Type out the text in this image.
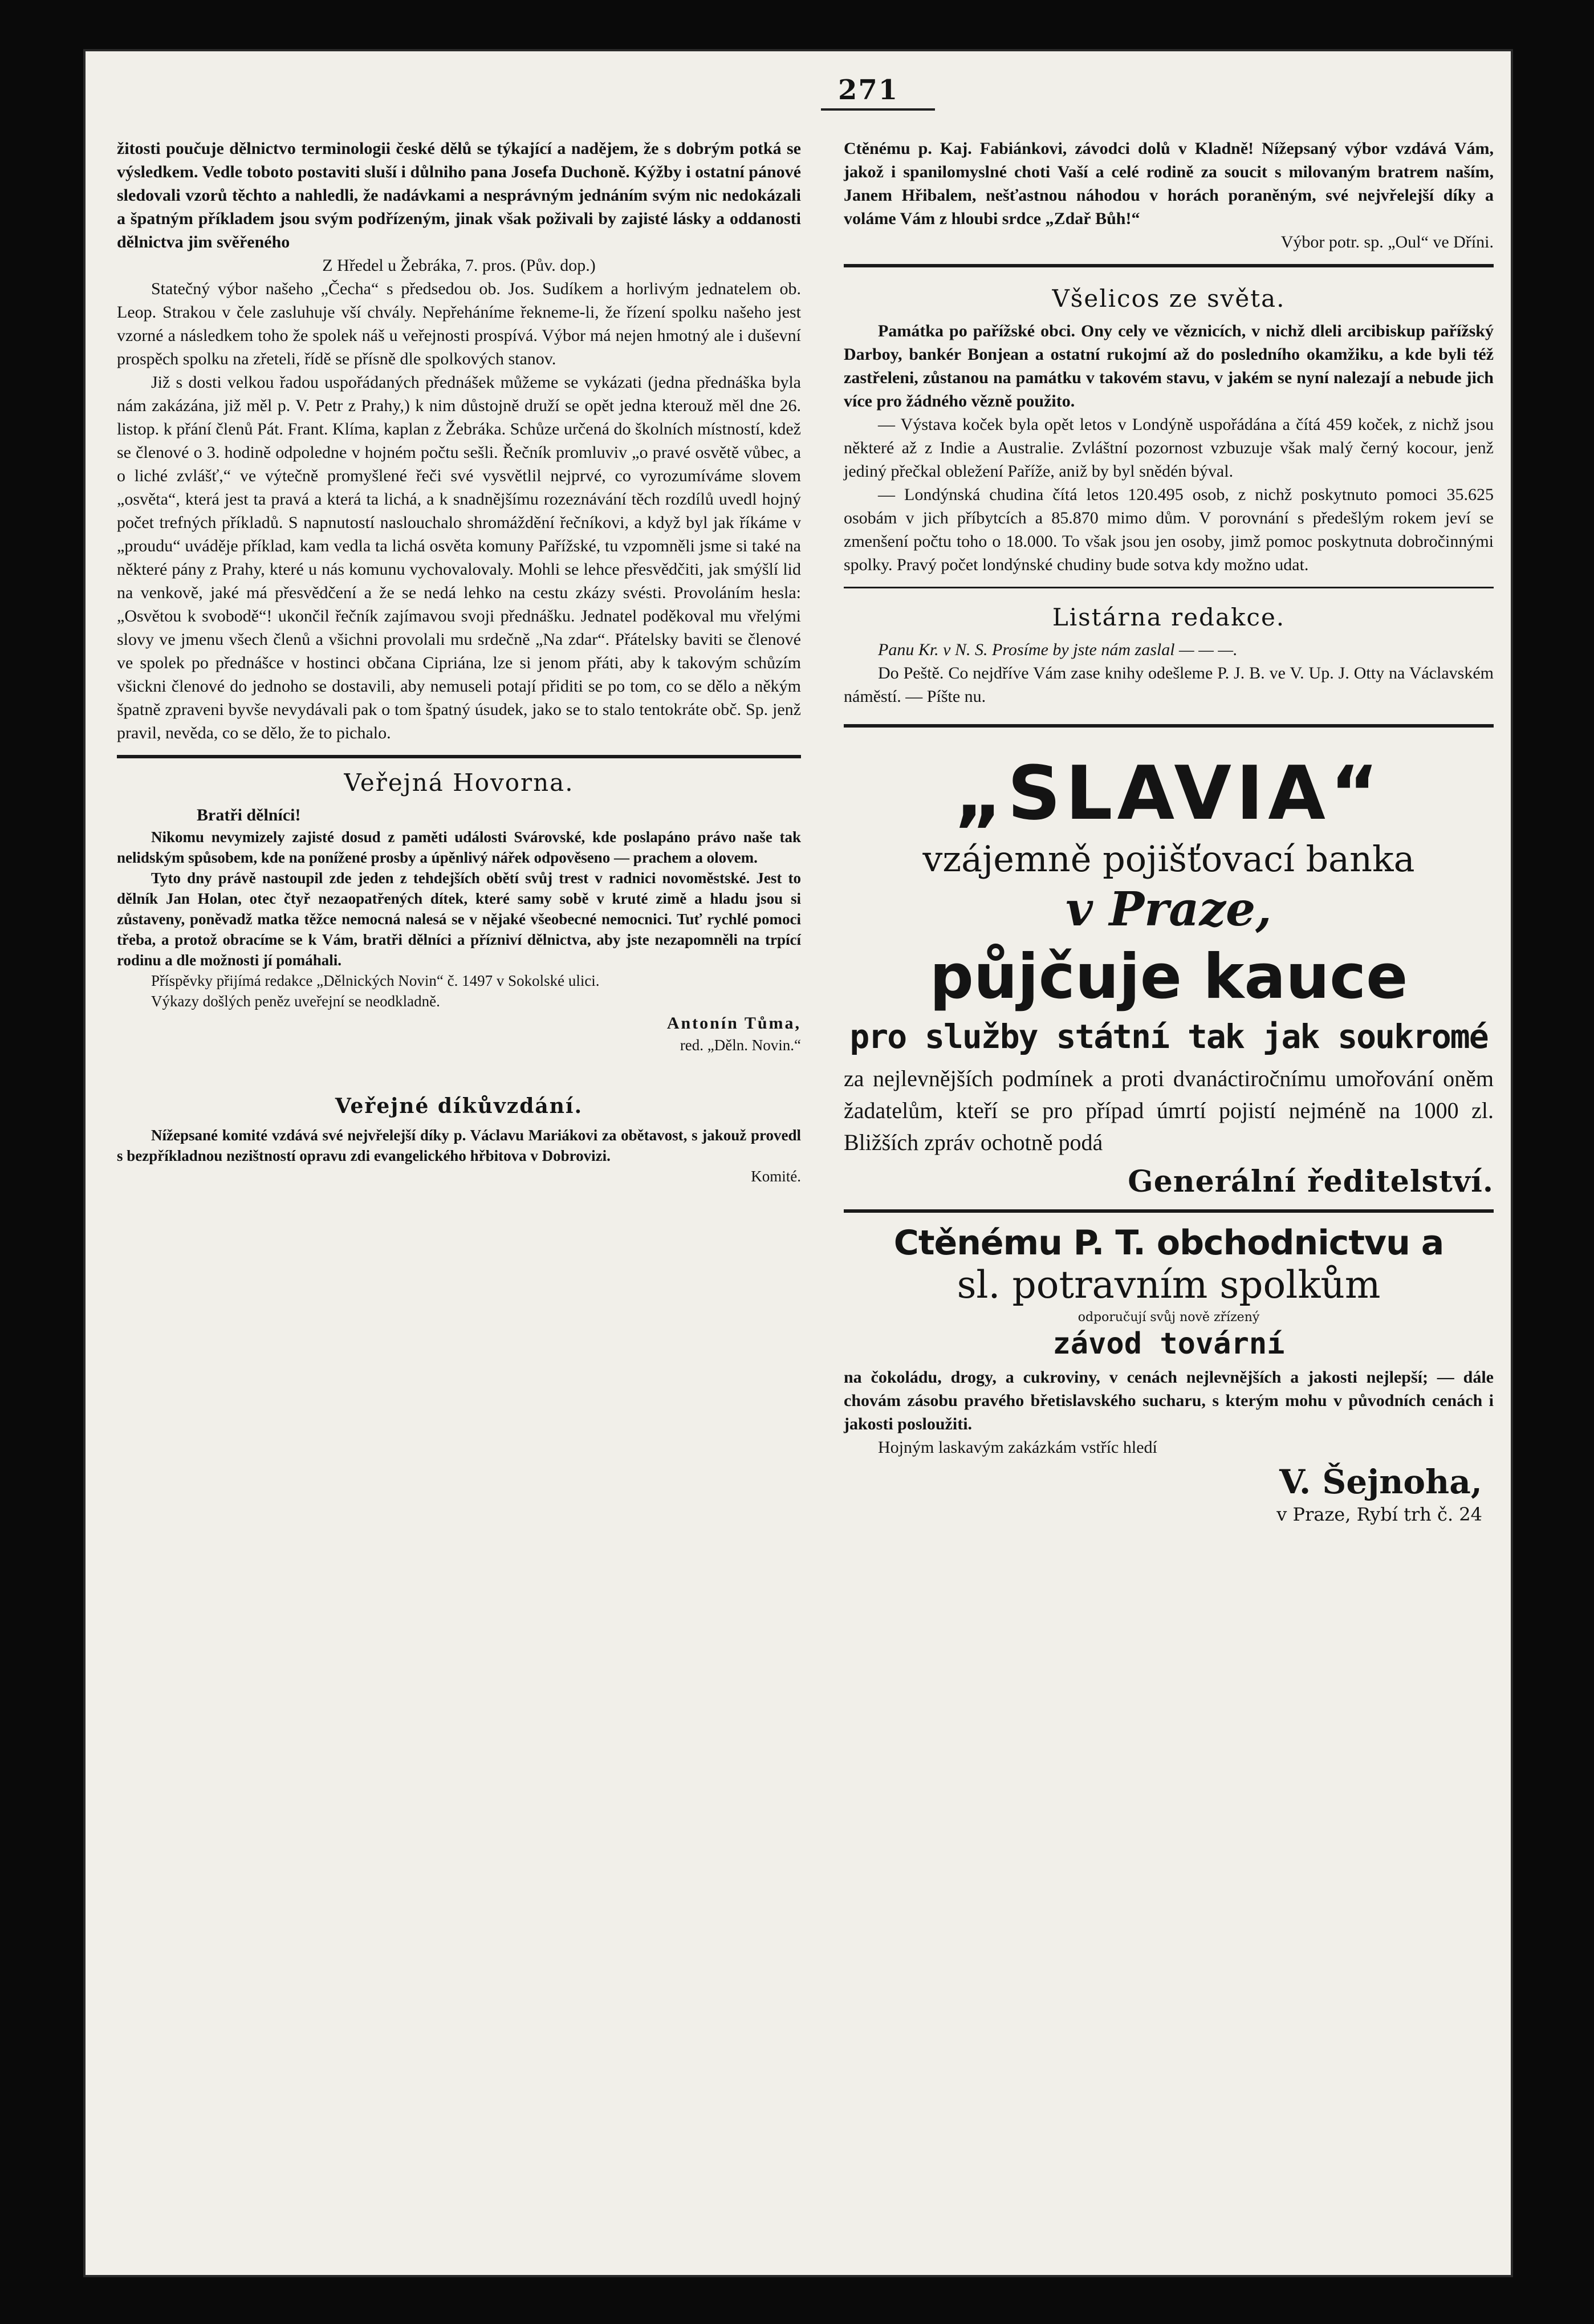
271

žitosti poučuje dělnictvo terminologii české dělů se týkající a nadějem, že s dobrým potká se výsledkem. Vedle toboto postaviti sluší i důlniho pana Josefa Duchoně. Kýžby i ostatní pánové sledovali vzorů těchto a nahledli, že nadávkami a nesprávným jednáním svým nic nedokázali a špatným příkladem jsou svým podřízeným, jinak však poživali by zajisté lásky a oddanosti dělnictva jim svěřeného

Z Hředel u Žebráka, 7. pros. (Pův. dop.)

Statečný výbor našeho „Čecha“ s předsedou ob. Jos. Sudíkem a horlivým jednatelem ob. Leop. Strakou v čele zasluhuje vší chvály. Nepřeháníme řekneme-li, že řízení spolku našeho jest vzorné a následkem toho že spolek náš u veřejnosti prospívá. Výbor má nejen hmotný ale i duševní prospěch spolku na zřeteli, řídě se přísně dle spolkových stanov.

Již s dosti velkou řadou uspořádaných přednášek můžeme se vykázati (jedna přednáška byla nám zakázána, již měl p. V. Petr z Prahy,) k nim důstojně druží se opět jedna kterouž měl dne 26. listop. k přání členů Pát. Frant. Klíma, kaplan z Žebráka. Schůze určená do školních místností, kdež se členové o 3. hodině odpoledne v hojném počtu sešli. Řečník promluviv „o pravé osvětě vůbec, a o liché zvlášť,“ ve výtečně promyšlené řeči své vysvětlil nejprvé, co vyrozumíváme slovem „osvěta“, která jest ta pravá a která ta lichá, a k snadnějšímu rozeznávání těch rozdílů uvedl hojný počet trefných příkladů. S napnutostí naslouchalo shromáždění řečníkovi, a když byl jak říkáme v „proudu“ uváděje příklad, kam vedla ta lichá osvěta komuny Pařížské, tu vzpomněli jsme si také na některé pány z Prahy, které u nás komunu vychovalovaly. Mohli se lehce přesvědčiti, jak smýšlí lid na venkově, jaké má přesvědčení a že se nedá lehko na cestu zkázy svésti. Provoláním hesla: „Osvětou k svobodě“! ukončil řečník zajímavou svoji přednášku. Jednatel poděkoval mu vřelými slovy ve jmenu všech členů a všichni provolali mu srdečně „Na zdar“. Přátelsky baviti se členové ve spolek po přednášce v hostinci občana Cipriána, lze si jenom přáti, aby k takovým schůzím všickni členové do jednoho se dostavili, aby nemuseli potají přiditi se po tom, co se dělo a někým špatně zpraveni byvše nevydávali pak o tom špatný úsudek, jako se to stalo tentokráte obč. Sp. jenž pravil, nevěda, co se dělo, že to pichalo.

Veřejná Hovorna.

Bratři dělníci!

Nikomu nevymizely zajisté dosud z paměti události Svárovské, kde poslapáno právo naše tak nelidským spůsobem, kde na ponížené prosby a úpěnlivý nářek odpověseno — prachem a olovem.

Tyto dny právě nastoupil zde jeden z tehdejších obětí svůj trest v radnici novoměstské. Jest to dělník Jan Holan, otec čtyř nezaopatřených dítek, které samy sobě v kruté zimě a hladu jsou si zůstaveny, poněvadž matka těžce nemocná nalesá se v nějaké všeobecné nemocnici. Tuť rychlé pomoci třeba, a protož obracíme se k Vám, bratři dělníci a přízniví dělnictva, aby jste nezapomněli na trpící rodinu a dle možnosti jí pomáhali.

Příspěvky přijímá redakce „Dělnických Novin“ č. 1497 v Sokolské ulici.

Výkazy došlých peněz uveřejní se neodkladně.

Antonín Tůma,

red. „Děln. Novin.“

Veřejné díkůvzdání.

Nížepsané komité vzdává své nejvřelejší díky p. Václavu Mariákovi za obětavost, s jakouž provedl s bezpříkladnou nezištností opravu zdi evangelického hřbitova v Dobrovizi.

Komité.

Ctěnému p. Kaj. Fabiánkovi, závodci dolů v Kladně! Nížepsaný výbor vzdává Vám, jakož i spanilomyslné choti Vaší a celé rodině za soucit s milovaným bratrem naším, Janem Hřibalem, nešťastnou náhodou v horách poraněným, své nejvřelejší díky a voláme Vám z hloubi srdce „Zdař Bůh!“

Výbor potr. sp. „Oul“ ve Dříni.

Všelicos ze světa.

Památka po pařížské obci. Ony cely ve věznicích, v nichž dleli arcibiskup pařížský Darboy, bankér Bonjean a ostatní rukojmí až do posledního okamžiku, a kde byli též zastřeleni, zůstanou na památku v takovém stavu, v jakém se nyní nalezají a nebude jich více pro žádného vězně použito.

— Výstava koček byla opět letos v Londýně uspořádána a čítá 459 koček, z nichž jsou některé až z Indie a Australie. Zvláštní pozornost vzbuzuje však malý černý kocour, jenž jediný přečkal obležení Paříže, aniž by byl snědén býval.

— Londýnská chudina čítá letos 120.495 osob, z nichž poskytnuto pomoci 35.625 osobám v jich příbytcích a 85.870 mimo dům. V porovnání s předešlým rokem jeví se zmenšení počtu toho o 18.000. To však jsou jen osoby, jimž pomoc poskytnuta dobročinnými spolky. Pravý počet londýnské chudiny bude sotva kdy možno udat.

Listárna redakce.

Panu Kr. v N. S. Prosíme by jste nám zaslal — — —.

Do Peště. Co nejdříve Vám zase knihy odešleme P. J. B. ve V. Up. J. Otty na Václavském náměstí. — Píšte nu.

„SLAVIA“
vzájemně pojišťovací banka
v Praze,
půjčuje kauce
pro služby státní tak jak soukromé

za nejlevnějších podmínek a proti dvanáctiročnímu umořování oněm žadatelům, kteří se pro případ úmrtí pojistí nejméně na 1000 zl. Bližších zpráv ochotně podá

Generální ředitelství.
Ctěnému P. T. obchodnictvu a
sl. potravním spolkům
odporučují svůj nově zřízený
závod tovární

na čokoládu, drogy, a cukroviny, v cenách nejlevnějších a jakosti nejlepší; — dále chovám zásobu pravého břetislavského sucharu, s kterým mohu v původních cenách i jakosti posloužiti.

Hojným laskavým zakázkám vstříc hledí

V. Šejnoha,
v Praze, Rybí trh č. 24
